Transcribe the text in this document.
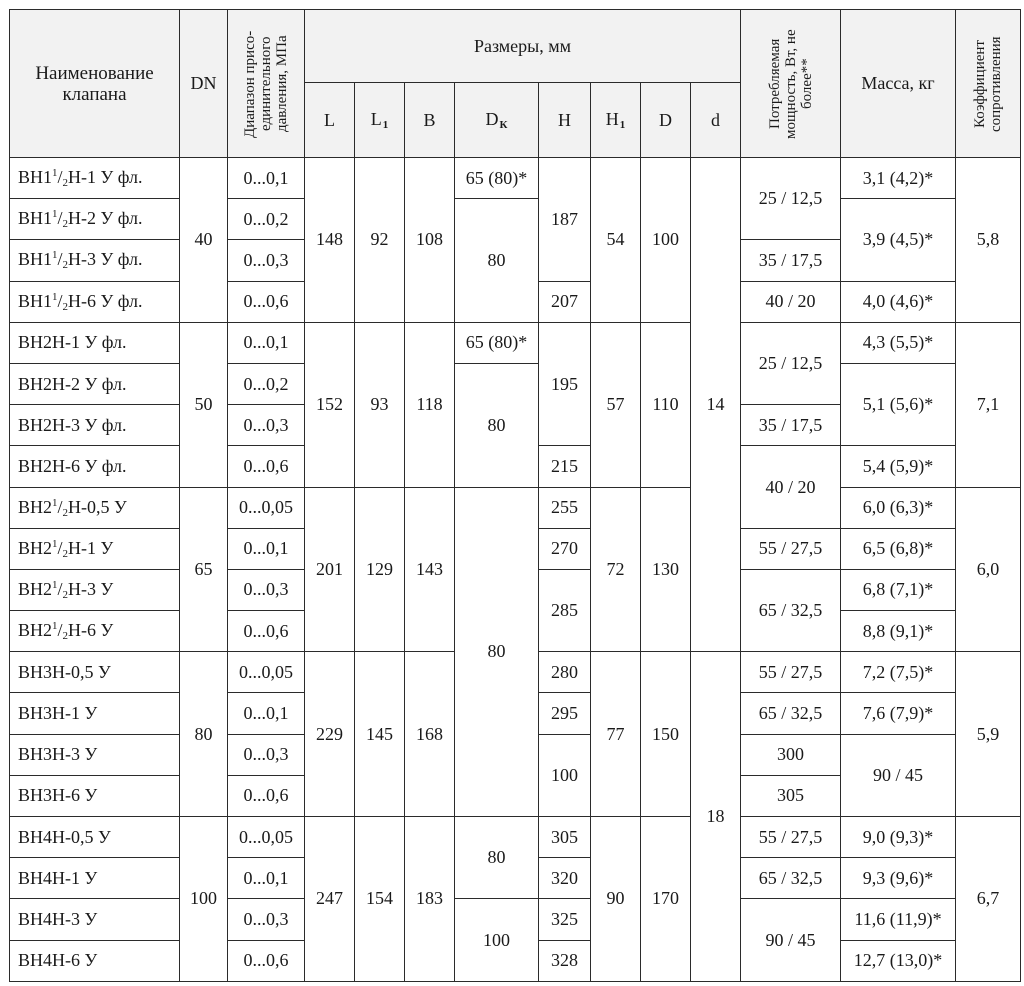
Наименование клапана	DN	Диапазон присо-единительного давления, МПа	Размеры, мм								Потребляемая мощность, Вт, не более**	Масса, кг	Коэффициент сопротивления	

			L	$L_1$	B	$D_К$	H	$H_1$	D	d				
$ВН1^1/2Н-1$ У фл.	40	0...0,1	148	92	108	65 (80)*	187	54	100	14	25 / 12,5	3,1 (4,2)*	5,8	
$ВН1^1/2Н-2$ У фл.		0...0,2				80						3,9 (4,5)*		
$ВН1^1/2Н-3$ У фл.		0...0,3									35 / 17,5			
$ВН1^1/2Н-6$ У фл.		0...0,6					207				40 / 20	4,0 (4,6)*		
ВН2Н-1 У фл.	50	0...0,1	152	93	118	65 (80)*	195	57	110		25 / 12,5	4,3 (5,5)*	7,1	
ВН2Н-2 У фл.		0...0,2				80						5,1 (5,6)*		
ВН2Н-3 У фл.		0...0,3									35 / 17,5			
ВН2Н-6 У фл.		0...0,6					215				40 / 20	5,4 (5,9)*		
$ВН2^1/2Н-0,5$ У	65	0...0,05	201	129	143	80	255	72	130			6,0 (6,3)*	6,0	
$ВН2^1/2Н-1$ У		0...0,1					270				55 / 27,5	6,5 (6,8)*		
$ВН2^1/2Н-3$ У		0...0,3					285				65 / 32,5	6,8 (7,1)*		
$ВН2^1/2Н-6$ У		0...0,6										8,8 (9,1)*		
ВН3Н-0,5 У	80	0...0,05	229	145	168		280	77	150	18	55 / 27,5	7,2 (7,5)*	5,9	
ВН3Н-1 У		0...0,1					295				65 / 32,5	7,6 (7,9)*		
ВН3Н-3 У		0...0,3					100				300	90 / 45	
ВН3Н-6 У		0...0,6									305	
ВН4Н-0,5 У	100	0...0,05	247	154	183	80	305	90	170		55 / 27,5	9,0 (9,3)*	6,7	
ВН4Н-1 У		0...0,1					320				65 / 32,5	9,3 (9,6)*		
ВН4Н-3 У		0...0,3				100	325				90 / 45	11,6 (11,9)*		
ВН4Н-6 У		0...0,6					328					12,7 (13,0)*		
